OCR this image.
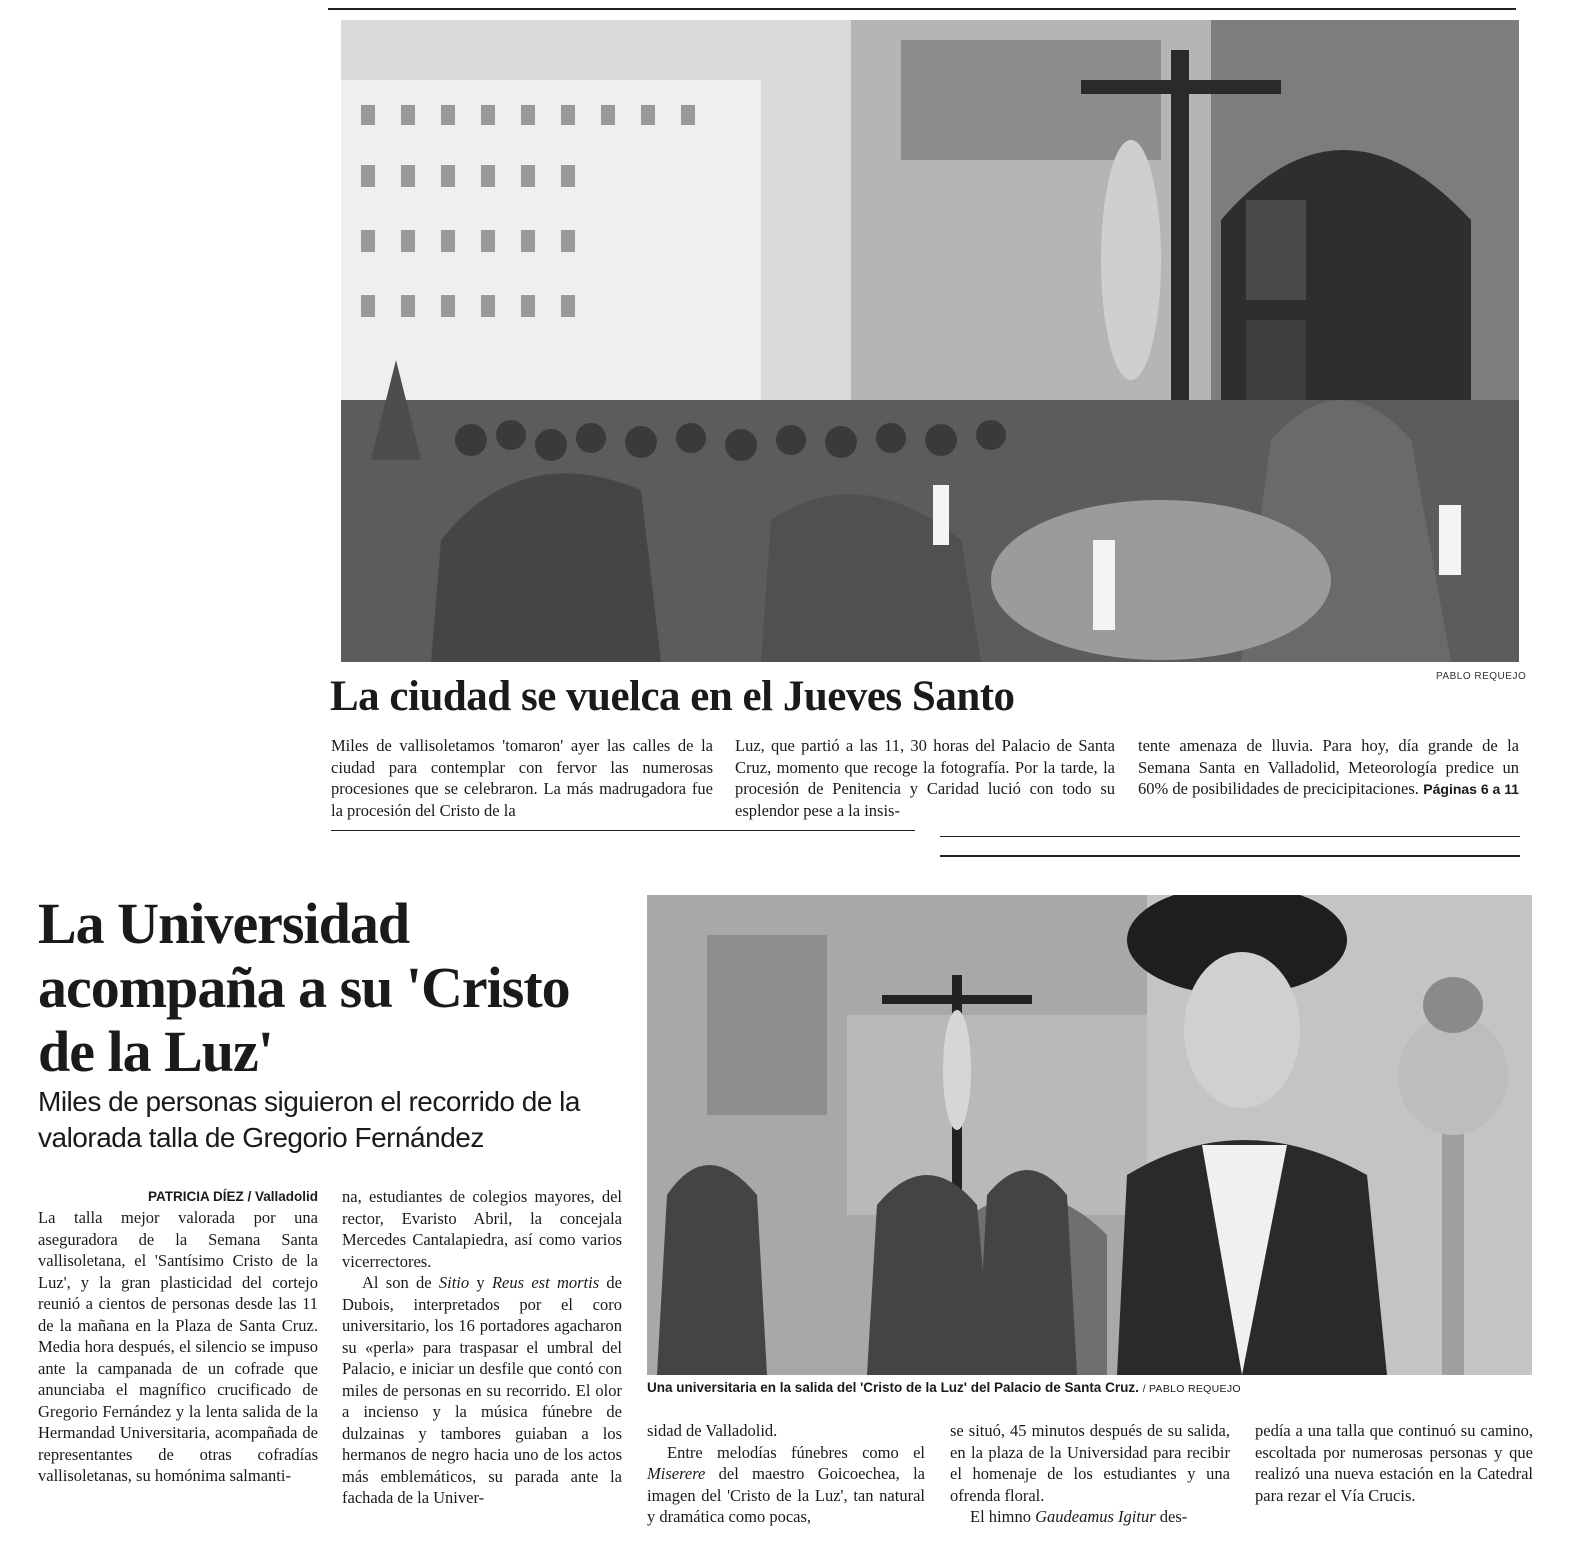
PABLO REQUEJO
La ciudad se vuelca en el Jueves Santo

Miles de vallisoletamos 'tomaron' ayer las calles de la ciudad para contemplar con fervor las numerosas procesiones que se celebraron. La más madrugadora fue la procesión del Cristo de la

Luz, que partió a las 11, 30 horas del Palacio de Santa Cruz, momento que recoge la fotografía. Por la tarde, la procesión de Penitencia y Caridad lució con todo su esplendor pese a la insis-

tente amenaza de lluvia. Para hoy, día grande de la Semana Santa en Valladolid, Meteorología predice un 60% de posibilidades de precicipitaciones. Páginas 6 a 11
La Universidad acompaña a su 'Cristo de la Luz'
Miles de personas siguieron el recorrido de la valorada talla de Gregorio Fernández
PATRICIA DÍEZ / Valladolid

La talla mejor valorada por una aseguradora de la Semana Santa vallisoletana, el 'Santísimo Cristo de la Luz', y la gran plasticidad del cortejo reunió a cientos de personas desde las 11 de la mañana en la Plaza de Santa Cruz. Media hora después, el silencio se impuso ante la campanada de un cofrade que anunciaba el magnífico crucificado de Gregorio Fernández y la lenta salida de la Hermandad Universitaria, acompañada de representantes de otras cofradías vallisoletanas, su homónima salmanti-

na, estudiantes de colegios mayores, del rector, Evaristo Abril, la concejala Mercedes Cantalapiedra, así como varios vicerrectores.

Al son de Sitio y Reus est mortis de Dubois, interpretados por el coro universitario, los 16 portadores agacharon su «perla» para traspasar el umbral del Palacio, e iniciar un desfile que contó con miles de personas en su recorrido. El olor a incienso y la música fúnebre de dulzainas y tambores guiaban a los hermanos de negro hacia uno de los actos más emblemáticos, su parada ante la fachada de la Univer-

Una universitaria en la salida del 'Cristo de la Luz' del Palacio de Santa Cruz. / PABLO REQUEJO

sidad de Valladolid.

Entre melodías fúnebres como el Miserere del maestro Goicoechea, la imagen del 'Cristo de la Luz', tan natural y dramática como pocas,

se situó, 45 minutos después de su salida, en la plaza de la Universidad para recibir el homenaje de los estudiantes y una ofrenda floral.

El himno Gaudeamus Igitur des-

pedía a una talla que continuó su camino, escoltada por numerosas personas y que realizó una nueva estación en la Catedral para rezar el Vía Crucis.
